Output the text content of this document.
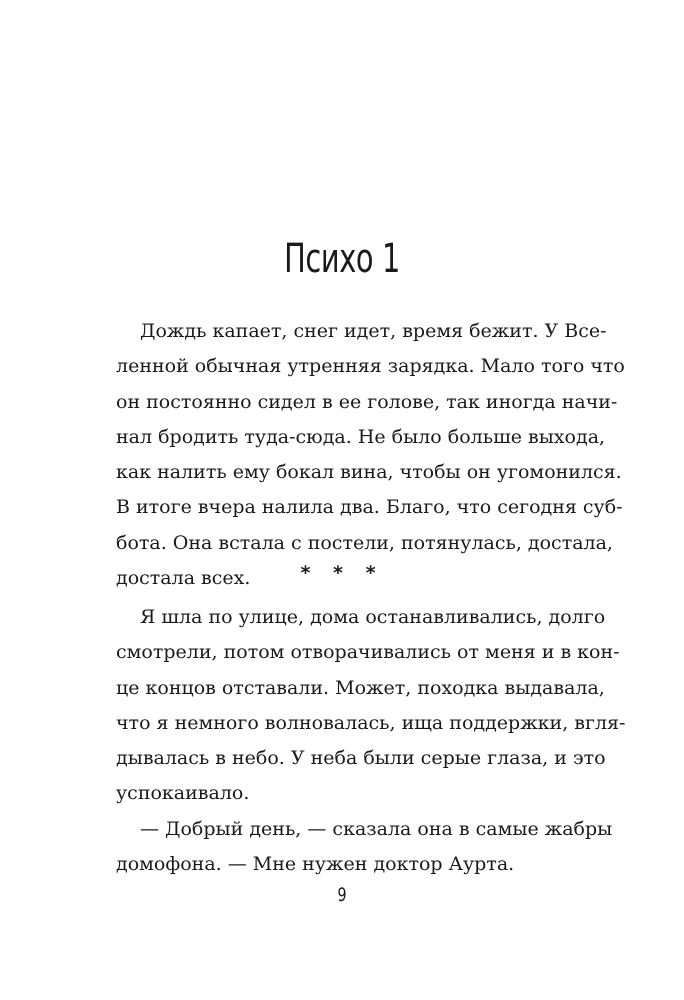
Психо 1
Дождь капает, снег идет, время бежит. У Все-
ленной обычная утренняя зарядка. Мало того что
он постоянно сидел в ее голове, так иногда начи-
нал бродить туда-сюда. Не было больше выхода,
как налить ему бокал вина, чтобы он угомонился.
В итоге вчера налила два. Благо, что сегодня суб-
бота. Она встала с постели, потянулась, достала,
достала всех.	* * *
Я шла по улице, дома останавливались, долго
смотрели, потом отворачивались от меня и в кон-
це концов отставали. Может, походка выдавала,
что я немного волновалась, ища поддержки, вгля-
дывалась в небо. У неба были серые глаза, и это
успокаивало.
— Добрый день, — сказала она в самые жабры
домофона. — Мне нужен доктор Аурта.
9
